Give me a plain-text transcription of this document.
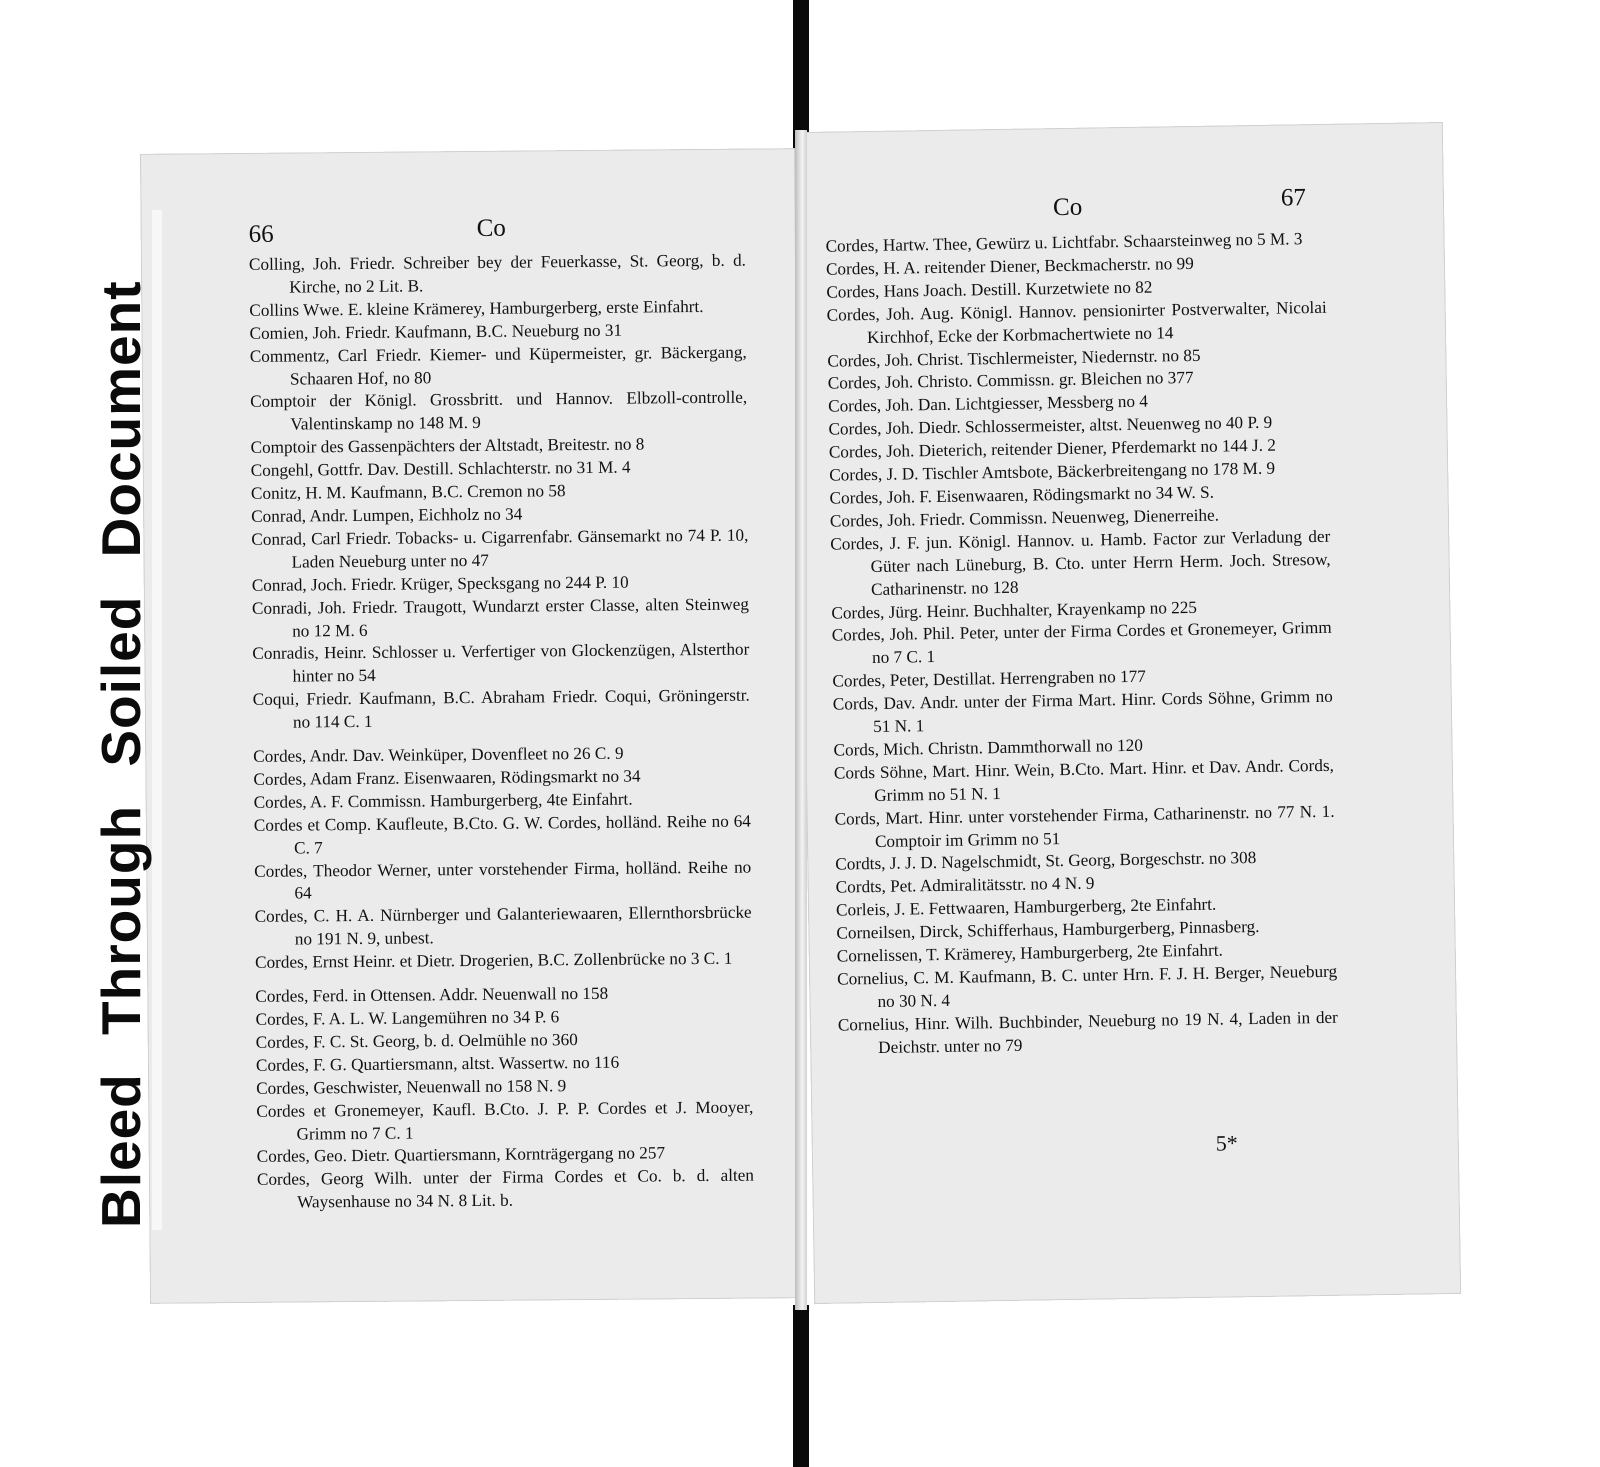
66	Co
Colling, Joh. Friedr. Schreiber bey der Feuerkasse, St. Georg, b. d. Kirche, no 2 Lit. B.
Collins Wwe. E. kleine Krämerey, Hamburgerberg, erste Einfahrt.
Comien, Joh. Friedr. Kaufmann, B.C. Neueburg no 31
Commentz, Carl Friedr. Kiemer- und Küpermeister, gr. Bäckergang, Schaaren Hof, no 80
Comptoir der Königl. Grossbritt. und Hannov. Elbzoll-controlle, Valentinskamp no 148 M. 9
Comptoir des Gassenpächters der Altstadt, Breitestr. no 8
Congehl, Gottfr. Dav. Destill. Schlachterstr. no 31 M. 4
Conitz, H. M. Kaufmann, B.C. Cremon no 58
Conrad, Andr. Lumpen, Eichholz no 34
Conrad, Carl Friedr. Tobacks- u. Cigarrenfabr. Gänsemarkt no 74 P. 10, Laden Neueburg unter no 47
Conrad, Joch. Friedr. Krüger, Specksgang no 244 P. 10
Conradi, Joh. Friedr. Traugott, Wundarzt erster Classe, alten Steinweg no 12 M. 6
Conradis, Heinr. Schlosser u. Verfertiger von Glockenzügen, Alsterthor hinter no 54
Coqui, Friedr. Kaufmann, B.C. Abraham Friedr. Coqui, Gröningerstr. no 114 C. 1
Cordes, Andr. Dav. Weinküper, Dovenfleet no 26 C. 9
Cordes, Adam Franz. Eisenwaaren, Rödingsmarkt no 34
Cordes, A. F. Commissn. Hamburgerberg, 4te Einfahrt.
Cordes et Comp. Kaufleute, B.Cto. G. W. Cordes, holländ. Reihe no 64 C. 7
Cordes, Theodor Werner, unter vorstehender Firma, holländ. Reihe no 64
Cordes, C. H. A. Nürnberger und Galanteriewaaren, Ellernthorsbrücke no 191 N. 9, unbest.
Cordes, Ernst Heinr. et Dietr. Drogerien, B.C. Zollenbrücke no 3 C. 1
Cordes, Ferd. in Ottensen. Addr. Neuenwall no 158
Cordes, F. A. L. W. Langemühren no 34 P. 6
Cordes, F. C. St. Georg, b. d. Oelmühle no 360
Cordes, F. G. Quartiersmann, altst. Wassertw. no 116
Cordes, Geschwister, Neuenwall no 158 N. 9
Cordes et Gronemeyer, Kaufl. B.Cto. J. P. P. Cordes et J. Mooyer, Grimm no 7 C. 1
Cordes, Geo. Dietr. Quartiersmann, Kornträgergang no 257
Cordes, Georg Wilh. unter der Firma Cordes et Co. b. d. alten Waysenhause no 34 N. 8 Lit. b.
Co	67
Cordes, Hartw. Thee, Gewürz u. Lichtfabr. Schaarsteinweg no 5 M. 3
Cordes, H. A. reitender Diener, Beckmacherstr. no 99
Cordes, Hans Joach. Destill. Kurzetwiete no 82
Cordes, Joh. Aug. Königl. Hannov. pensionirter Postverwalter, Nicolai Kirchhof, Ecke der Korbmachertwiete no 14
Cordes, Joh. Christ. Tischlermeister, Niedernstr. no 85
Cordes, Joh. Christo. Commissn. gr. Bleichen no 377
Cordes, Joh. Dan. Lichtgiesser, Messberg no 4
Cordes, Joh. Diedr. Schlossermeister, altst. Neuenweg no 40 P. 9
Cordes, Joh. Dieterich, reitender Diener, Pferdemarkt no 144 J. 2
Cordes, J. D. Tischler Amtsbote, Bäckerbreitengang no 178 M. 9
Cordes, Joh. F. Eisenwaaren, Rödingsmarkt no 34 W. S.
Cordes, Joh. Friedr. Commissn. Neuenweg, Dienerreihe.
Cordes, J. F. jun. Königl. Hannov. u. Hamb. Factor zur Verladung der Güter nach Lüneburg, B. Cto. unter Herrn Herm. Joch. Stresow, Catharinenstr. no 128
Cordes, Jürg. Heinr. Buchhalter, Krayenkamp no 225
Cordes, Joh. Phil. Peter, unter der Firma Cordes et Gronemeyer, Grimm no 7 C. 1
Cordes, Peter, Destillat. Herrengraben no 177
Cords, Dav. Andr. unter der Firma Mart. Hinr. Cords Söhne, Grimm no 51 N. 1
Cords, Mich. Christn. Dammthorwall no 120
Cords Söhne, Mart. Hinr. Wein, B.Cto. Mart. Hinr. et Dav. Andr. Cords, Grimm no 51 N. 1
Cords, Mart. Hinr. unter vorstehender Firma, Catharinenstr. no 77 N. 1. Comptoir im Grimm no 51
Cordts, J. J. D. Nagelschmidt, St. Georg, Borgeschstr. no 308
Cordts, Pet. Admiralitätsstr. no 4 N. 9
Corleis, J. E. Fettwaaren, Hamburgerberg, 2te Einfahrt.
Corneilsen, Dirck, Schifferhaus, Hamburgerberg, Pinnasberg.
Cornelissen, T. Krämerey, Hamburgerberg, 2te Einfahrt.
Cornelius, C. M. Kaufmann, B. C. unter Hrn. F. J. H. Berger, Neueburg no 30 N. 4
Cornelius, Hinr. Wilh. Buchbinder, Neueburg no 19 N. 4, Laden in der Deichstr. unter no 79
5*
Bleed Through Soiled Document
